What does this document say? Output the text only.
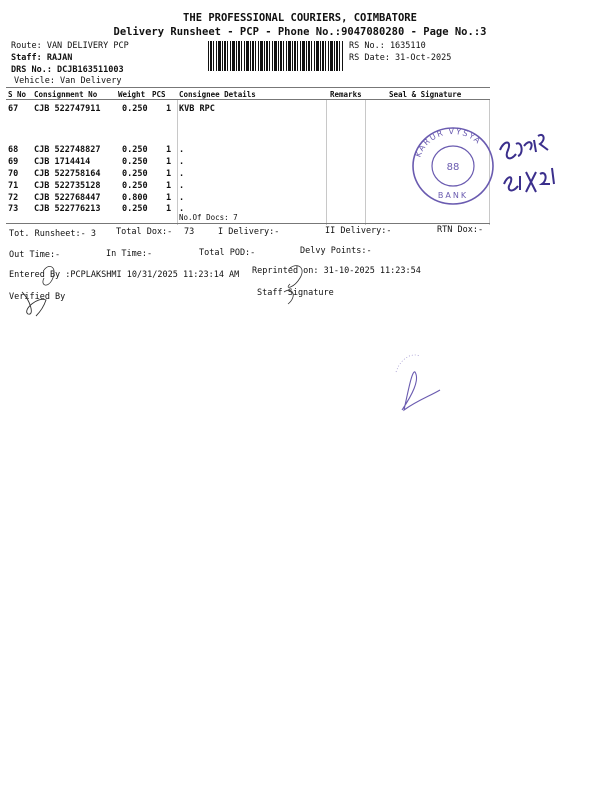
THE PROFESSIONAL COURIERS, COIMBATORE
Delivery Runsheet - PCP - Phone No.:9047080280 - Page No.:3
Route: VAN DELIVERY PCP
Staff: RAJAN
DRS No.: DCJB163511003
Vehicle: Van Delivery
RS No.: 1635110
RS Date: 31-Oct-2025
S No Consignment No	Weight PCS Consignee Details	Remarks	Seal & Signature
67 CJB 522747911	0.250 1 KVB RPC
68 CJB 522748827	0.250 1 .
69 CJB 1714414	0.250 1 .
70 CJB 522758164	0.250 1 .
71 CJB 522735128	0.250 1 .
72 CJB 522768447	0.800 1 .
73 CJB 522776213	0.250 1 .
No.Of Docs: 7
Tot. Runsheet:- 3 Total Dox:- 73	I Delivery:-	II Delivery:-	RTN Dox:-
Out Time:-	In Time:-	Total POD:-	Delvy Points:-
Entered By :PCPLAKSHMI 10/31/2025 11:23:14 AM Reprinted on: 31-10-2025 11:23:54
Verified By	Staff Signature
88
KARUR VYSYA
BANK
